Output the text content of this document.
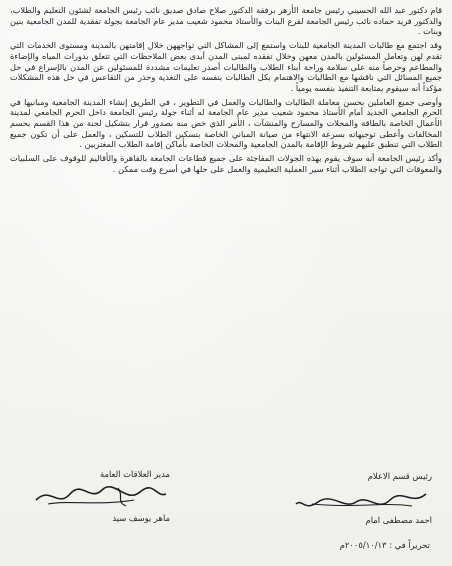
قام دكتور عبد الله الحسيني رئيس جامعة الأزهر برفقة الدكتور صلاح صادق صديق نائب رئيس الجامعة لشئون التعليم والطلاب، والدكتور فريد حماده نائب رئيس الجامعة لفرع البنات والأستاذ محمود شعيب مدير عام الجامعة بجولة تفقدية للمدن الجامعية بنين وبنات .

وقد اجتمع مع طالبات المدينة الجامعية للبنات واستمع إلى المشاكل التي تواجههن خلال إقامتهن بالمدينة ومستوى الخدمات التي تقدم لهن وتعامل المسئولين بالمدن معهن وخلال تفقده لمبنى المدن أبدى بعض الملاحظات التي تتعلق بدورات المياه والإضاءة والمطاعم وحرصاً منه على سلامة وراحة أبناء الطلاب والطالبات أصدر تعليمات مشددة للمسئولين عن المدن بالإسراع في حل جميع المسائل التي ناقشها مع الطالبات والاهتمام بكل الطالبات بنفسه على التغذية وحذر من التقاعس في حل هذه المشكلات مؤكداً أنه سيقوم بمتابعة التنفيذ بنفسه يومياً .

وأوصى جميع العاملين بحسن معاملة الطالبات والطالبات والعمل في التطوير ، في الطريق إنشاء المدينة الجامعية ومبانيها في الحرم الجامعي الجديد أمام الأستاذ محمود شعيب مدير عام الجامعة له أثناء جولة رئيس الجامعة داخل الحرم الجامعي لمدينة الأعمال الخاصة بالطاقة والمحلات والمسارح والمنشآت ، الأمر الذي خص منه بصدور قرار بتشكيل لجنة من هذا القسم بحسم المخالفات وأعطى توجيهاته بسرعة الانتهاء من صيانة المباني الخاصة بتسكين الطلاب للتسكين ، والعمل على أن تكون جميع الطلاب التي تنطبق عليهم شروط الإقامة بالمدن الجامعية والمحلات الخاصة بأماكن إقامة الطلاب المغتربين .

وأكد رئيس الجامعة أنه سوف يقوم بهذه الجولات المفاجئة على جميع قطاعات الجامعة بالقاهرة والأقاليم للوقوف على السلبيات والمعوقات التي تواجه الطلاب أثناء سير العملية التعليمية والعمل على حلها في أسرع وقت ممكن .

مدير العلاقات العامة
ماهر يوسف سيد
رئيس قسم الاعلام
احمد مصطفى امام
تحريراً في : ٢٠٠٥/١٠/١٣م
